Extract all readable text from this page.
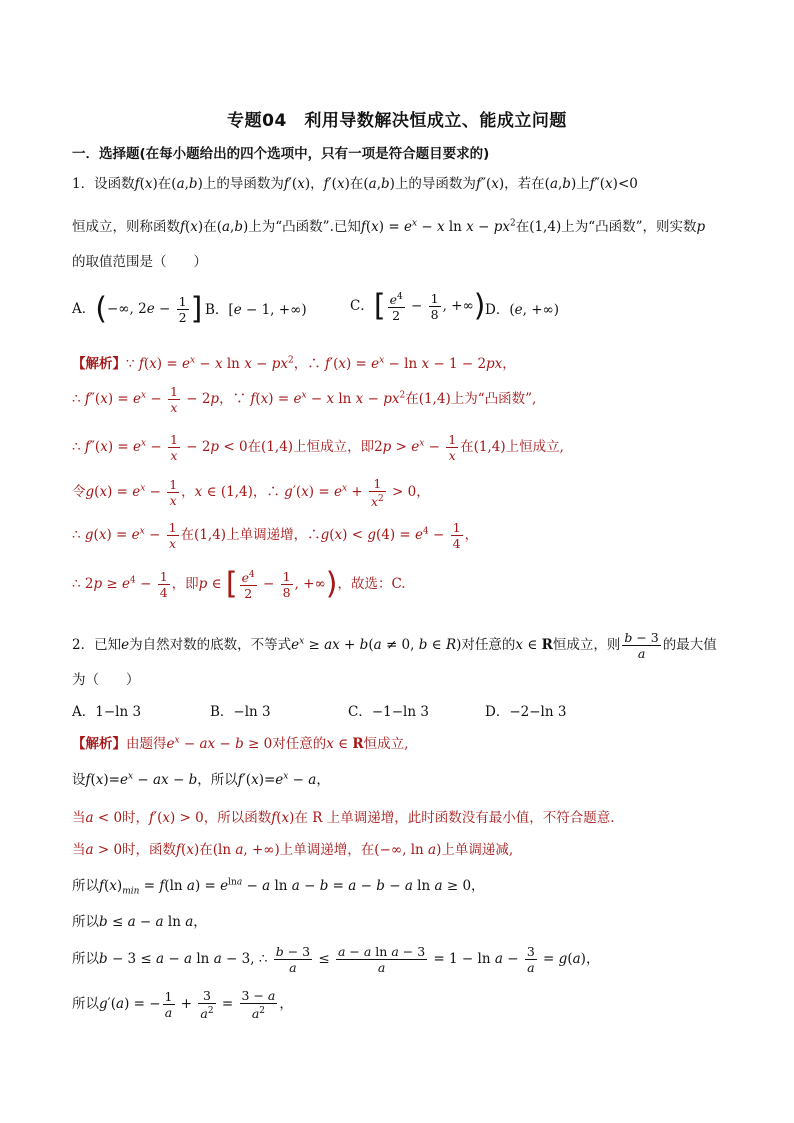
专题04　利用导数解决恒成立、能成立问题
一．选择题(在每小题给出的四个选项中，只有一项是符合题目要求的)
1．设函数f(x)在(a,b)上的导函数为f′(x)，f′(x)在(a,b)上的导函数为f″(x)，若在(a,b)上f″(x)<0
恒成立，则称函数f(x)在(a,b)上为“凸函数”.已知$f(x) = e^x - x$ $\ln x - px^2$在(1,4)上为“凸函数”，则实数p
的取值范围是（　　）
A．(−∞, $2e - \frac{1}{2}$ ] B．[e − 1, +∞)	C．[ $\frac{e^4}{2} - \frac{1}{8}$ , +∞) D．(e, +∞)
【解析】∵ $f(x) = e^x - x$ $\ln x - px^2$，∴ $f'(x) = e^x - \ln x - 1 - 2px$，
∴ $f''(x) = e^x - \frac{1}{x} - 2p$，∵ $f(x) = e^x - x$ $\ln x - px^2$在(1,4)上为“凸函数”,
∴ $f''(x) = e^x - \frac{1}{x} - 2p < 0$在(1,4)上恒成立，即$2p > e^x - \frac{1}{x}$ 在(1,4)上恒成立,
令$g(x) = e^x - \frac{1}{x}$ ，x ∈ (1,4)，∴ $g'(x) = e^x + \frac{1}{x^2} > 0$，
∴ $g(x) = e^x - \frac{1}{x}$ 在(1,4)上单调递增，∴g(x) < $g(4) = e^4 - \frac{1}{4}$ ，
∴ $2p \ge e^4 - \frac{1}{4}$ ，即p ∈ [ $\frac{e^4}{2} - \frac{1}{8}$ , +∞)，故选：C.
2．已知e为自然对数的底数，不等式$e^x$ ≥ ax + b(a ≠ 0, b ∈ R)对任意的x ∈ R恒成立，则 $\frac{b - 3}{a}$ 的最大值
为（　　）
A．1−ln 3	B．−ln 3	C．−1−ln 3	D．−2−ln 3
【解析】由题得$e^x$ − ax − b ≥ 0对任意的x ∈ R恒成立,
设$f(x)=e^x$ − ax − b，所以$f'(x)=e^x - a$，
当a < 0时，f′(x) > 0，所以函数f(x)在 R 上单调递增，此时函数没有最小值，不符合题意.
当a > 0时，函数f(x)在(ln a, +∞)上单调递增，在(−∞, ln a)上单调递减,
所以$f(x)_{min} = f(\ln$ $a) = e^{lna} - a$ ln a − b = a − b − a ln a ≥ 0，
所以b ≤ a − a ln a，
所以b − 3 ≤ a − a ln a − 3, ∴ $\frac{b - 3}{a} \le \frac{\text{a − a ln a − 3}}{a} = 1 - \ln a - \frac{3}{a} = g(a)$，
所以g′(a) = − $\frac{1}{a} + \frac{3}{a^2} = \frac{3 - a}{a^2}$ ，
